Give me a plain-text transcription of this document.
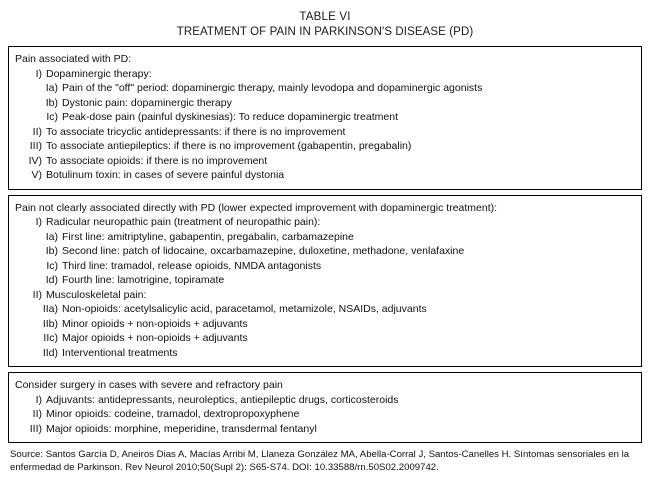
TABLE VI
TREATMENT OF PAIN IN PARKINSON'S DISEASE (PD)
Pain associated with PD:
I) Dopaminergic therapy:
Ia) Pain of the "off" period: dopaminergic therapy, mainly levodopa and dopaminergic agonists
Ib) Dystonic pain: dopaminergic therapy
Ic) Peak-dose pain (painful dyskinesias): To reduce dopaminergic treatment
II) To associate tricyclic antidepressants: if there is no improvement
III) To associate antiepileptics: if there is no improvement (gabapentin, pregabalin)
IV) To associate opioids: if there is no improvement
V) Botulinum toxin: in cases of severe painful dystonia
Pain not clearly associated directly with PD (lower expected improvement with dopaminergic treatment):
I) Radicular neuropathic pain (treatment of neuropathic pain):
Ia) First line: amitriptyline, gabapentin, pregabalin, carbamazepine
Ib) Second line: patch of lidocaine, oxcarbamazepine, duloxetine, methadone, venlafaxine
Ic) Third line: tramadol, release opioids, NMDA antagonists
Id) Fourth line: lamotrigine, topiramate
II) Musculoskeletal pain:
IIa) Non-opioids: acetylsalicylic acid, paracetamol, metamizole, NSAIDs, adjuvants
IIb) Minor opioids + non-opioids + adjuvants
IIc) Major opioids + non-opioids + adjuvants
IId) Interventional treatments
Consider surgery in cases with severe and refractory pain
I) Adjuvants: antidepressants, neuroleptics, antiepileptic drugs, corticosteroids
II) Minor opioids: codeine, tramadol, dextropropoxyphene
III) Major opioids: morphine, meperidine, transdermal fentanyl
Source: Santos García D, Aneiros Dias A, Macías Arribi M, Llaneza González MA, Abella-Corral J, Santos-Canelles H. Síntomas sensoriales en la enfermedad de Parkinson. Rev Neurol 2010;50(Supl 2): S65-S74. DOI: 10.33588/rn.50S02.2009742.
